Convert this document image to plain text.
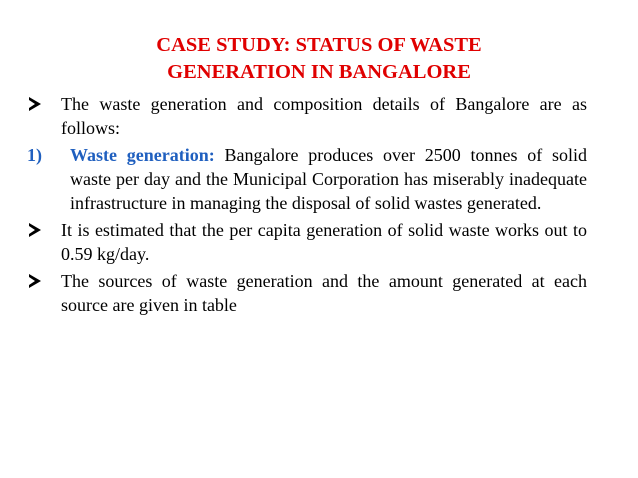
CASE STUDY: STATUS OF WASTE
GENERATION IN BANGALORE
The waste generation and composition details of Bangalore are as follows:
1)	Waste generation: Bangalore produces over 2500 tonnes of solid waste per day and the Municipal Corporation has miserably inadequate infrastructure in managing the disposal of solid wastes generated.
It is estimated that the per capita generation of solid waste works out to 0.59 kg/day.
The sources of waste generation and the amount generated at each source are given in table
